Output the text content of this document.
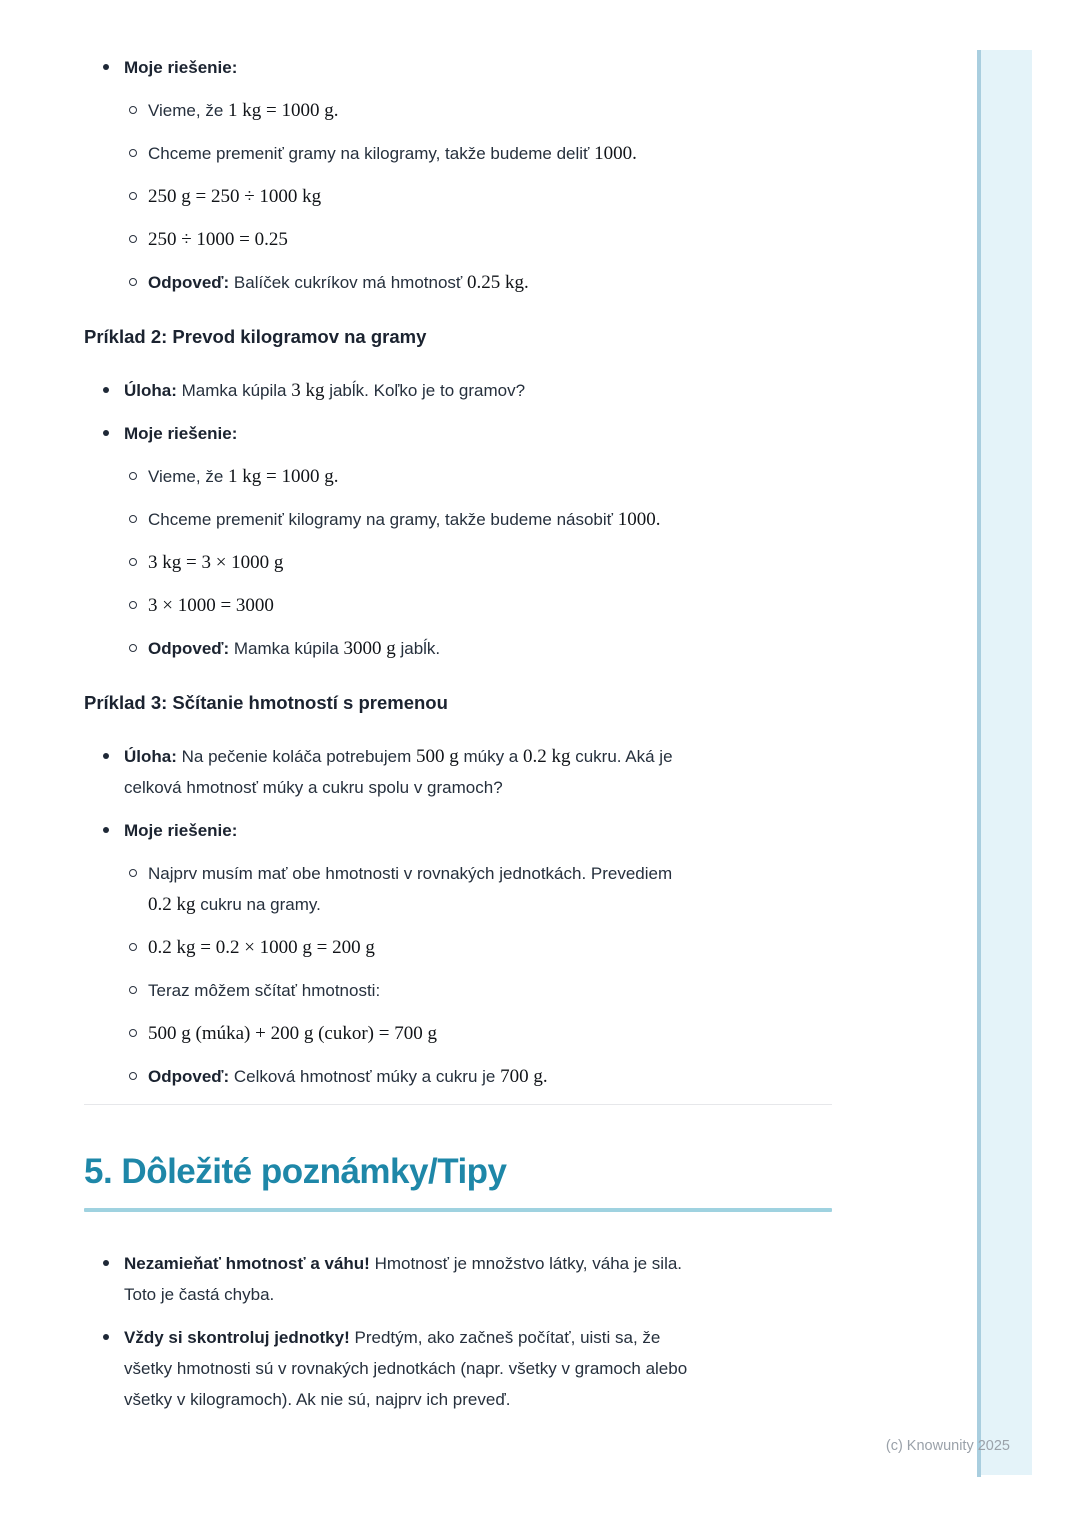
Moje riešenie:
Vieme, že 1 kg = 1000 g.
Chceme premeniť gramy na kilogramy, takže budeme deliť 1000.
250 g = 250 ÷ 1000 kg
250 ÷ 1000 = 0.25
Odpoveď: Balíček cukríkov má hmotnosť 0.25 kg.
Príklad 2: Prevod kilogramov na gramy
Úloha: Mamka kúpila 3 kg jabĺk. Koľko je to gramov?
Moje riešenie:
Vieme, že 1 kg = 1000 g.
Chceme premeniť kilogramy na gramy, takže budeme násobiť 1000.
3 kg = 3 × 1000 g
3 × 1000 = 3000
Odpoveď: Mamka kúpila 3000 g jabĺk.
Príklad 3: Sčítanie hmotností s premenou
Úloha: Na pečenie koláča potrebujem 500 g múky a 0.2 kg cukru. Aká je
celková hmotnosť múky a cukru spolu v gramoch?
Moje riešenie:
Najprv musím mať obe hmotnosti v rovnakých jednotkách. Prevediem
0.2 kg cukru na gramy.
0.2 kg = 0.2 × 1000 g = 200 g
Teraz môžem sčítať hmotnosti:
500 g (múka) + 200 g (cukor) = 700 g
Odpoveď: Celková hmotnosť múky a cukru je 700 g.
5. Dôležité poznámky/Tipy
Nezamieňať hmotnosť a váhu! Hmotnosť je množstvo látky, váha je sila.
Toto je častá chyba.
Vždy si skontroluj jednotky! Predtým, ako začneš počítať, uisti sa, že
všetky hmotnosti sú v rovnakých jednotkách (napr. všetky v gramoch alebo
všetky v kilogramoch). Ak nie sú, najprv ich preveď.
(c) Knowunity 2025
